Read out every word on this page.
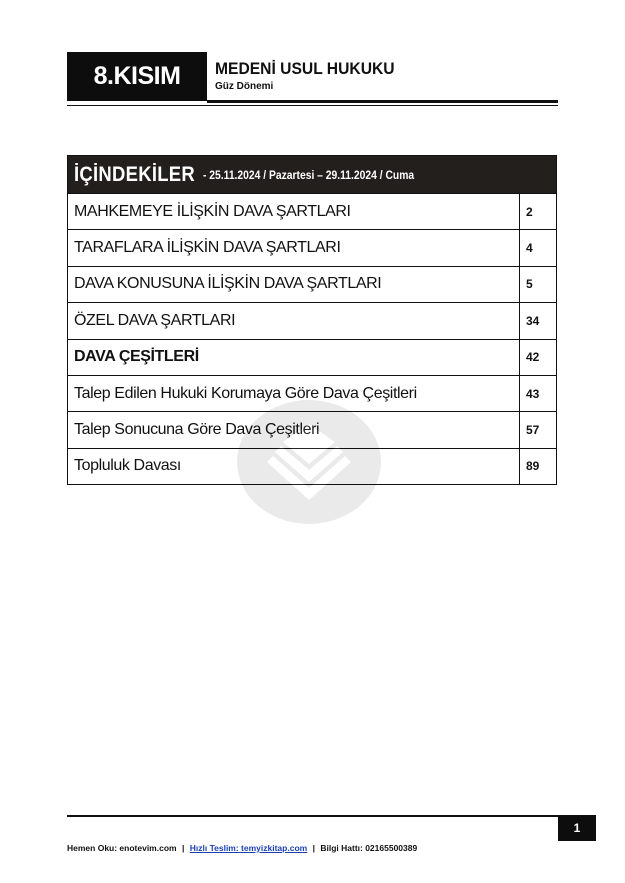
8.KISIM MEDENİ USUL HUKUKU
Güz Dönemi
İÇİNDEKİLER - 25.11.2024 / Pazartesi – 29.11.2024 / Cuma
MAHKEMEYE İLİŞKİN DAVA ŞARTLARI	2
TARAFLARA İLİŞKİN DAVA ŞARTLARI	4
DAVA KONUSUNA İLİŞKİN DAVA ŞARTLARI	5
ÖZEL DAVA ŞARTLARI	34
DAVA ÇEŞİTLERİ	42
Talep Edilen Hukuki Korumaya Göre Dava Çeşitleri	43
Talep Sonucuna Göre Dava Çeşitleri	57
Topluluk Davası	89
1
Hemen Oku: enotevim.com | Hızlı Teslim: temyizkitap.com | Bilgi Hattı: 02165500389
